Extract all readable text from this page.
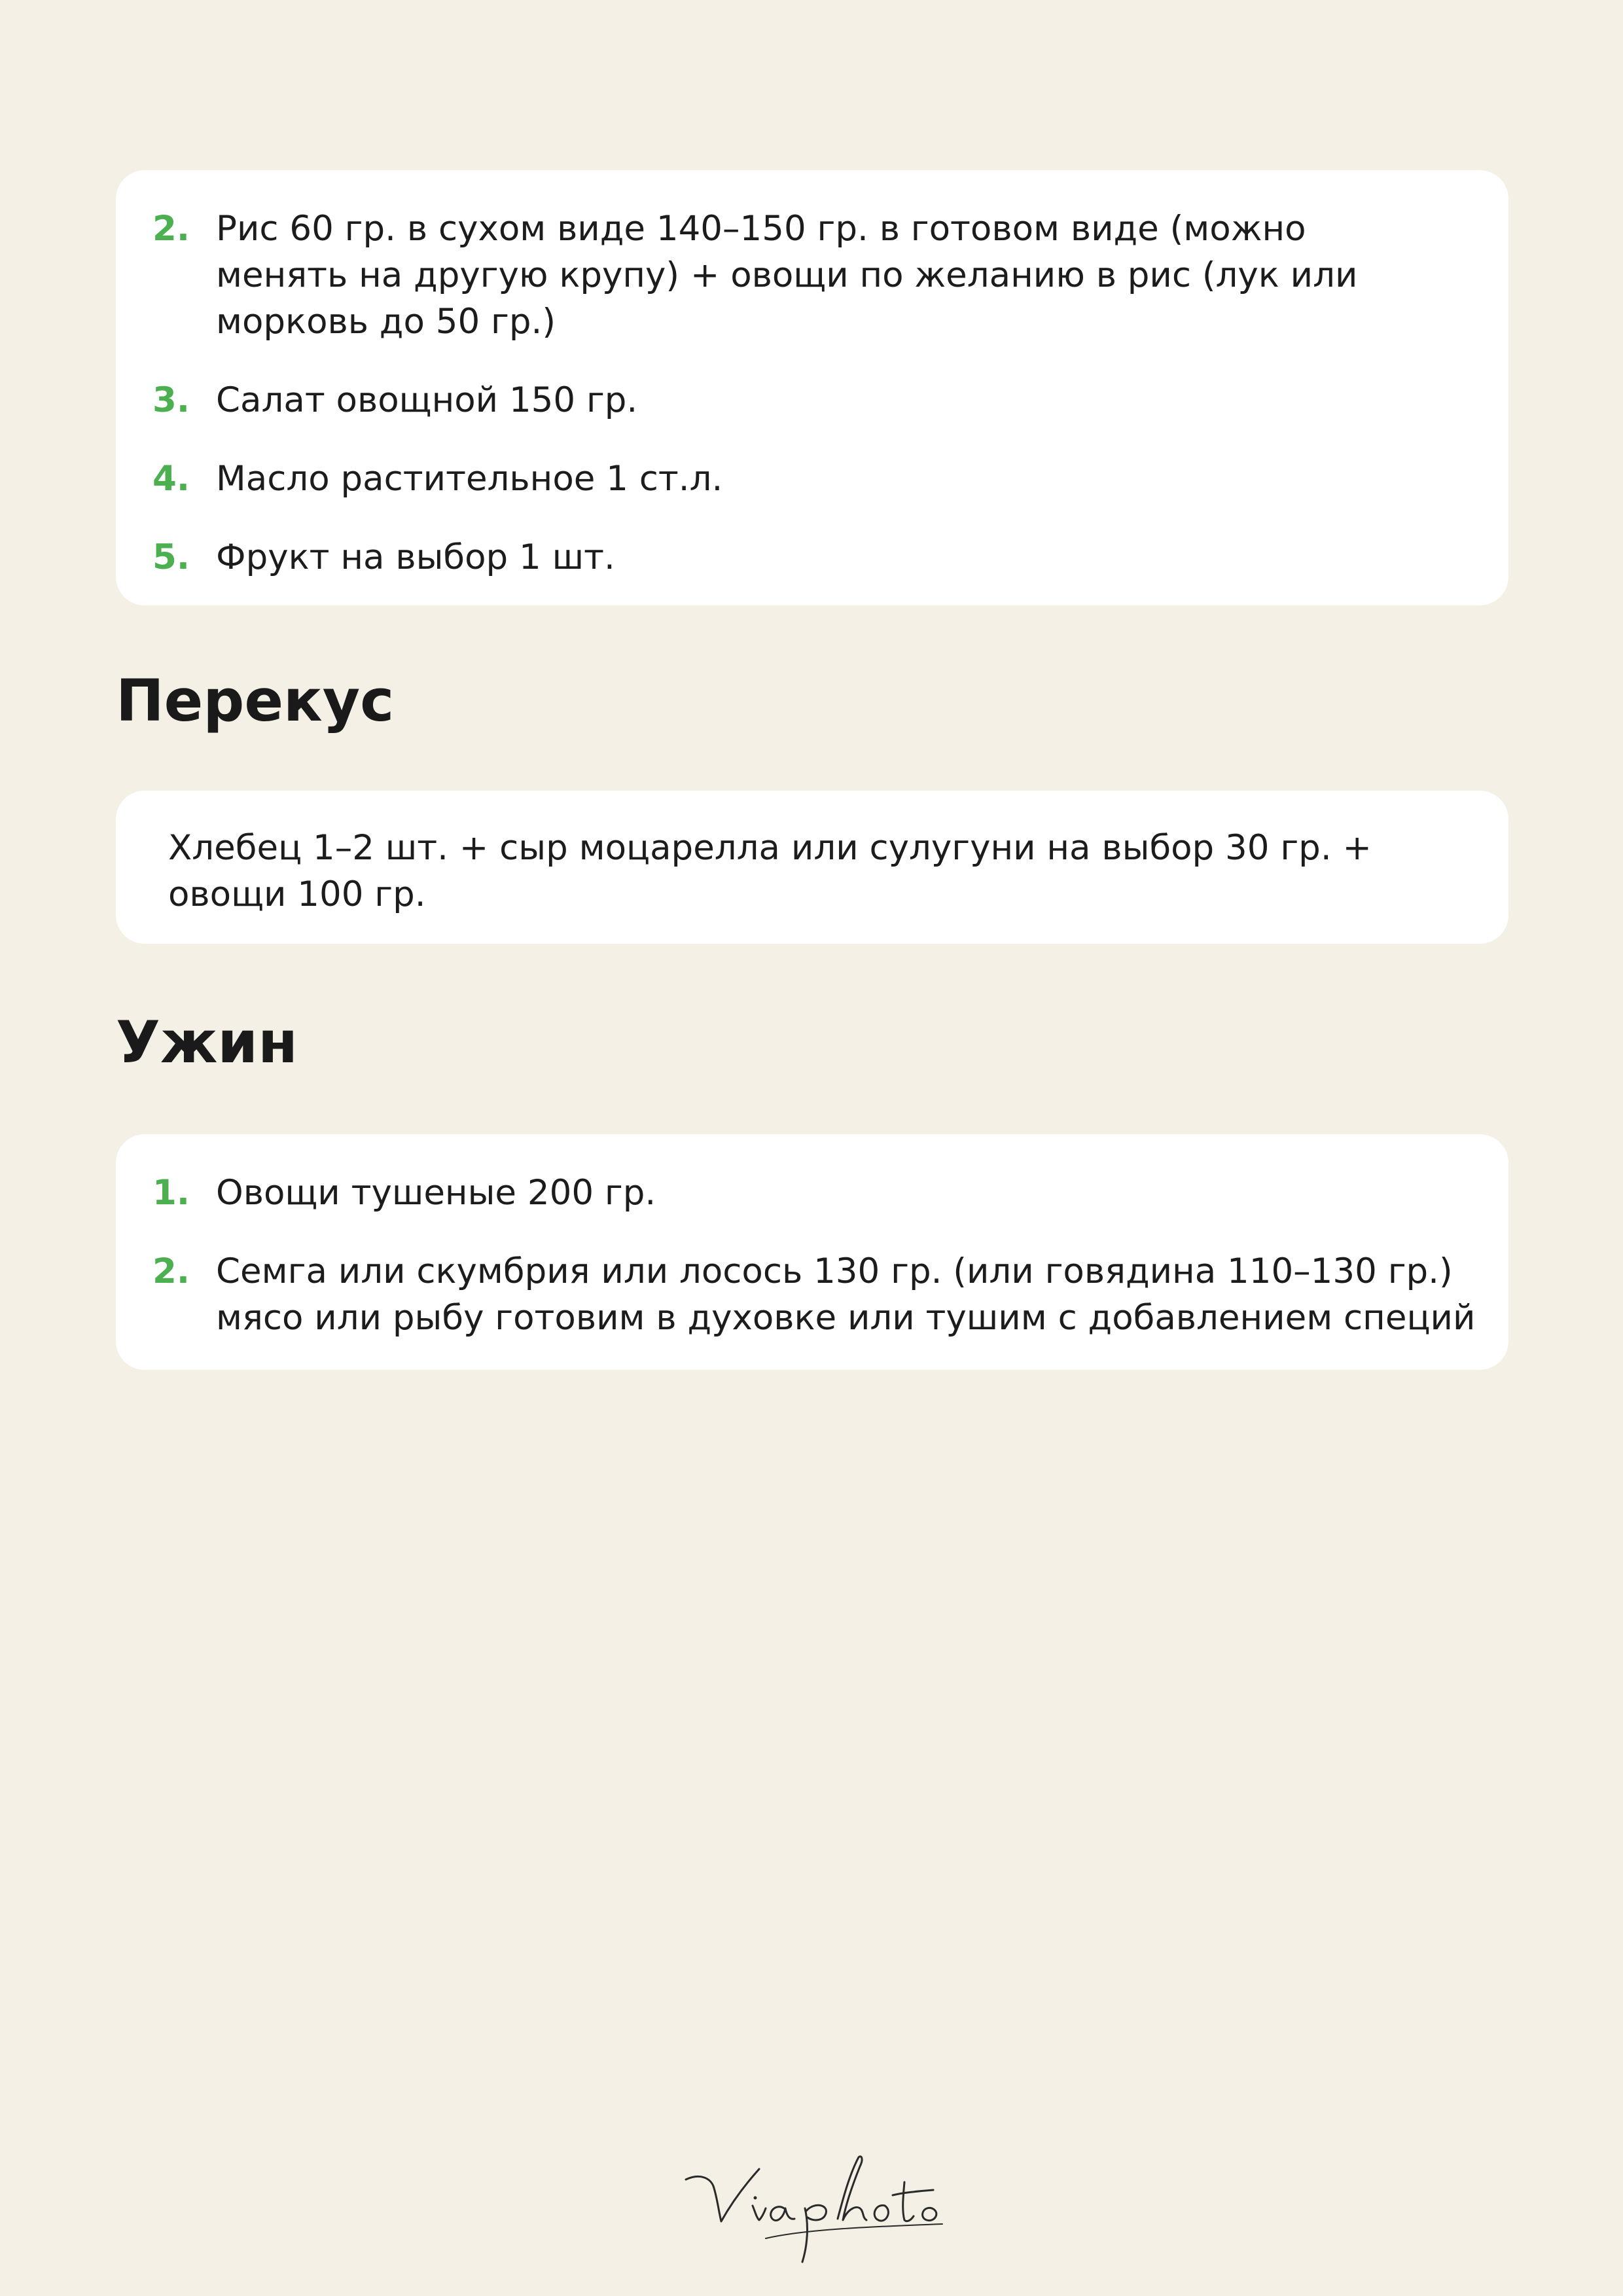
2. Рис 60 гр. в сухом виде 140–150 гр. в готовом виде (можно менять на другую крупу) + овощи по желанию в рис (лук или морковь до 50 гр.)
3. Салат овощной 150 гр.
4. Масло растительное 1 ст.л.
5. Фрукт на выбор 1 шт.
Перекус
Хлебец 1–2 шт. + сыр моцарелла или сулугуни на выбор 30 гр. + овощи 100 гр.
Ужин
1. Овощи тушеные 200 гр.
2. Семга или скумбрия или лосось 130 гр. (или говядина 110–130 гр.) мясо или рыбу готовим в духовке или тушим с добавлением специй
